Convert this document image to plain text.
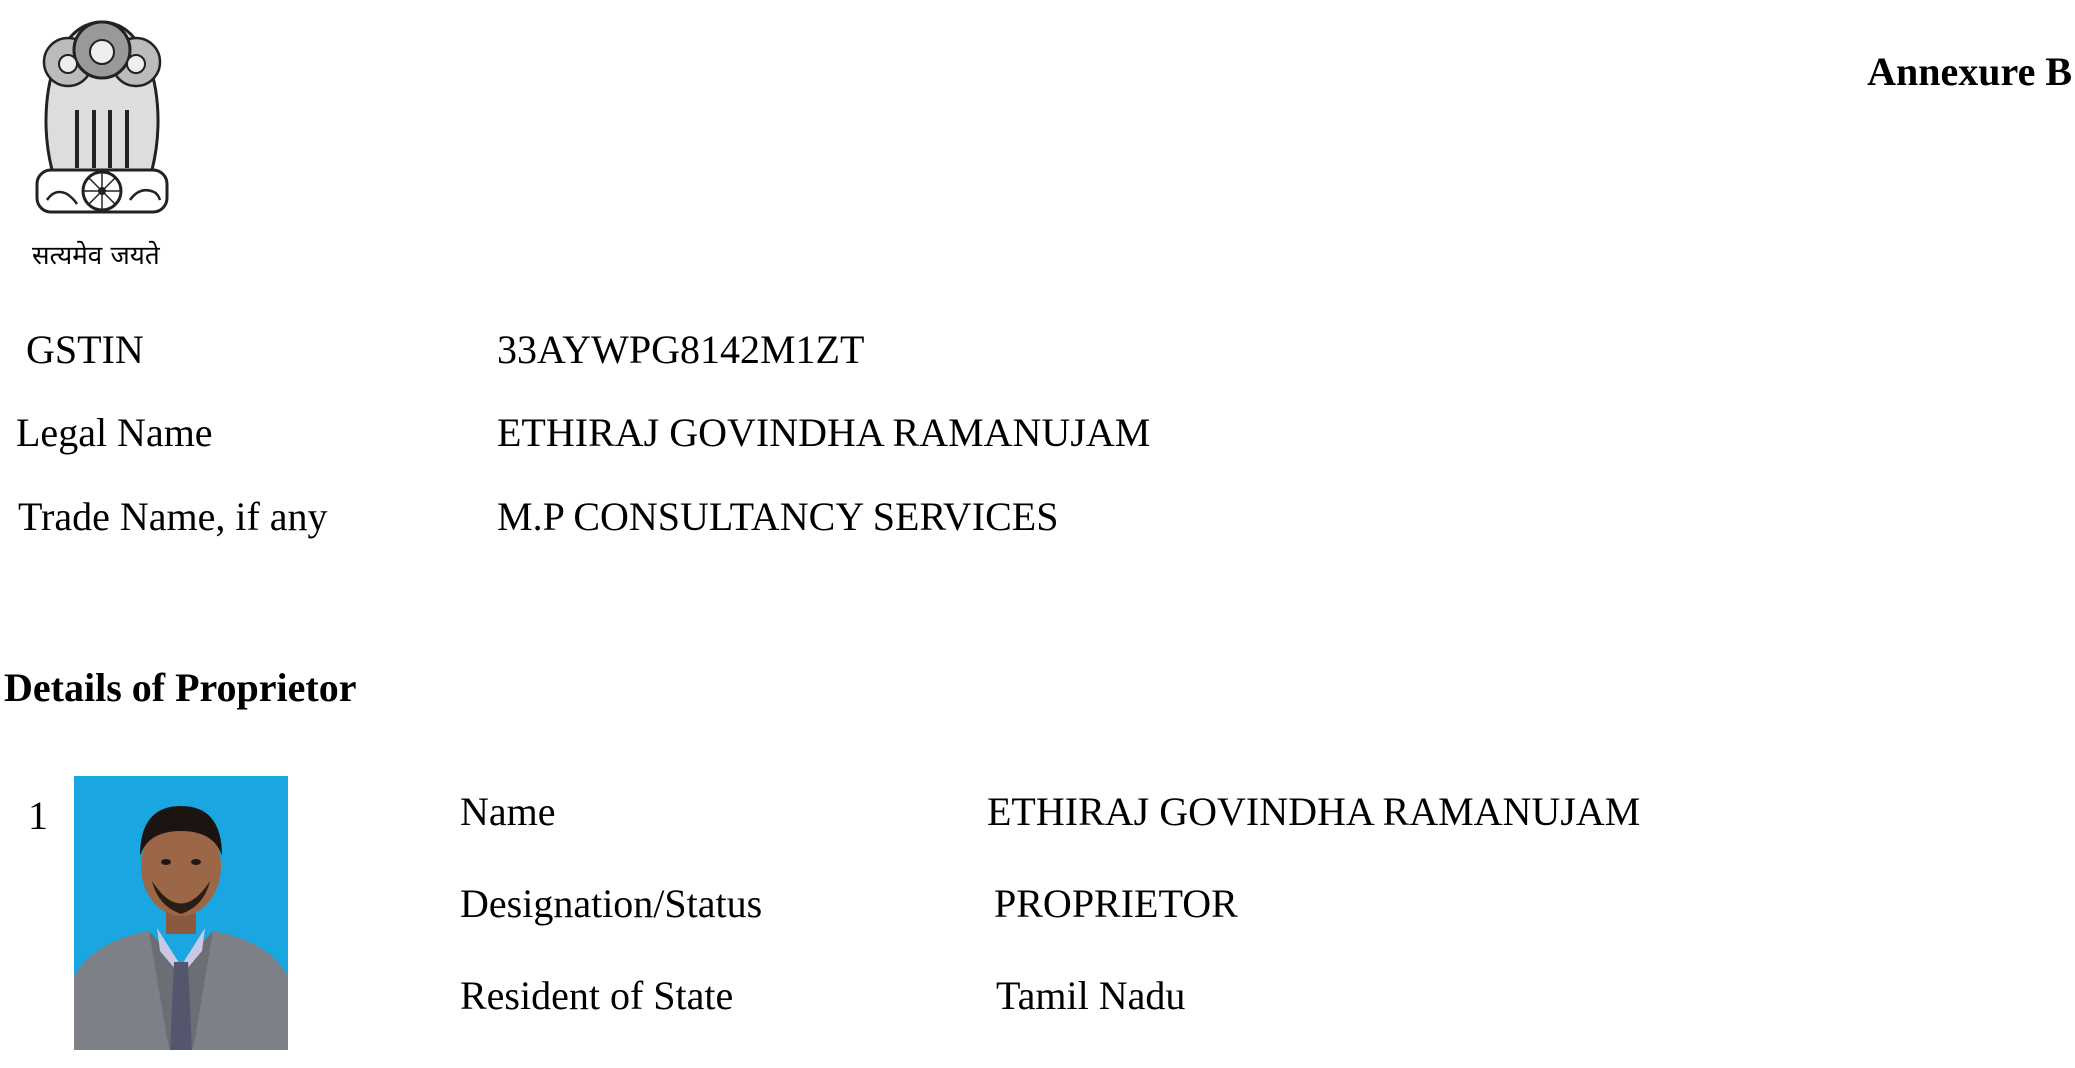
सत्यमेव जयते
Annexure B
GSTIN	33AYWPG8142M1ZT
Legal Name	ETHIRAJ GOVINDHA RAMANUJAM
Trade Name, if any	M.P CONSULTANCY SERVICES
Details of Proprietor
1	Name	ETHIRAJ GOVINDHA RAMANUJAM
Designation/Status	PROPRIETOR
Resident of State	Tamil Nadu
